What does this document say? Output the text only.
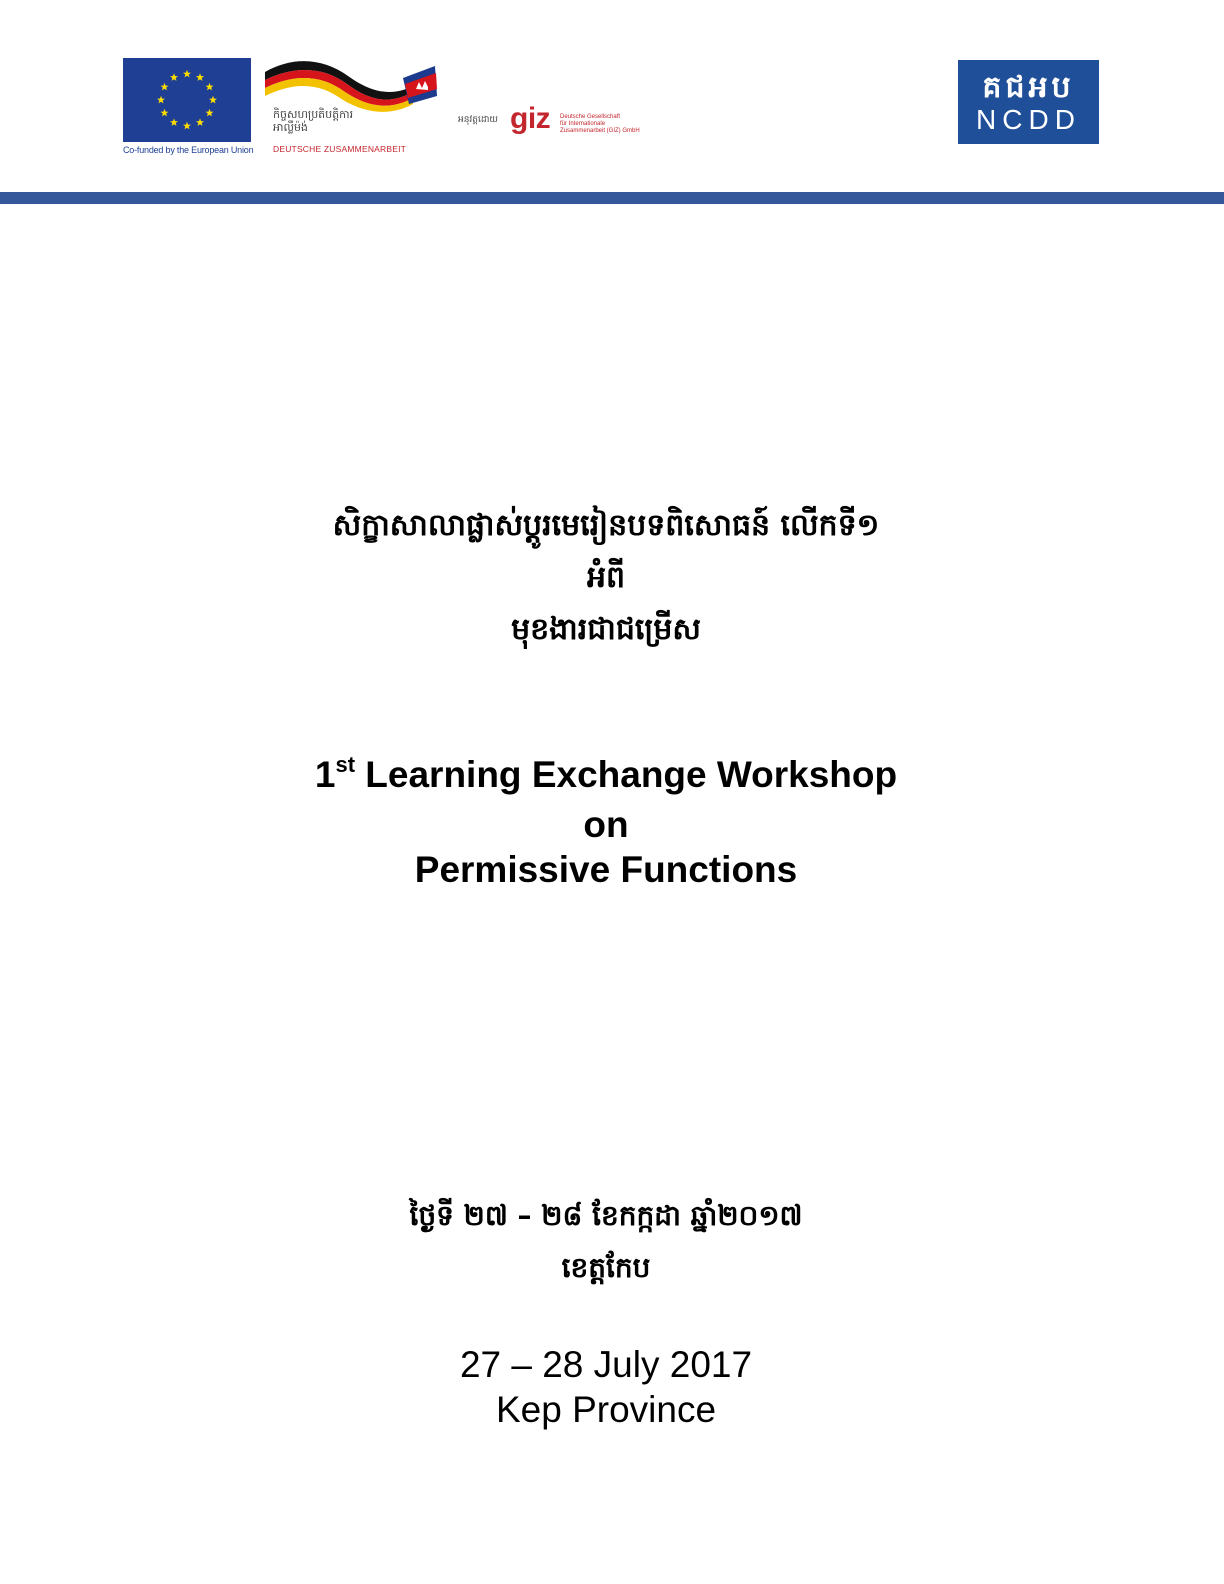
Co-funded by the European Union
កិច្ចសហប្រតិបត្តិការ
អាល្លឺម៉ង់
DEUTSCHE ZUSAMMENARBEIT
អនុវត្តដោយ giz Deutsche Gesellschaft
für Internationale
Zusammenarbeit (GIZ) GmbH
គជអប
NCDD
សិក្ខាសាលាផ្លាស់ប្តូរមេរៀនបទពិសោធន៍ លើកទី១
អំពី
មុខងារជាជម្រើស
1st Learning Exchange Workshop
on
Permissive Functions
ថ្ងៃទី ២៧ – ២៨ ខែកក្កដា ឆ្នាំ២០១៧
ខេត្តកែប
27 – 28 July 2017
Kep Province
